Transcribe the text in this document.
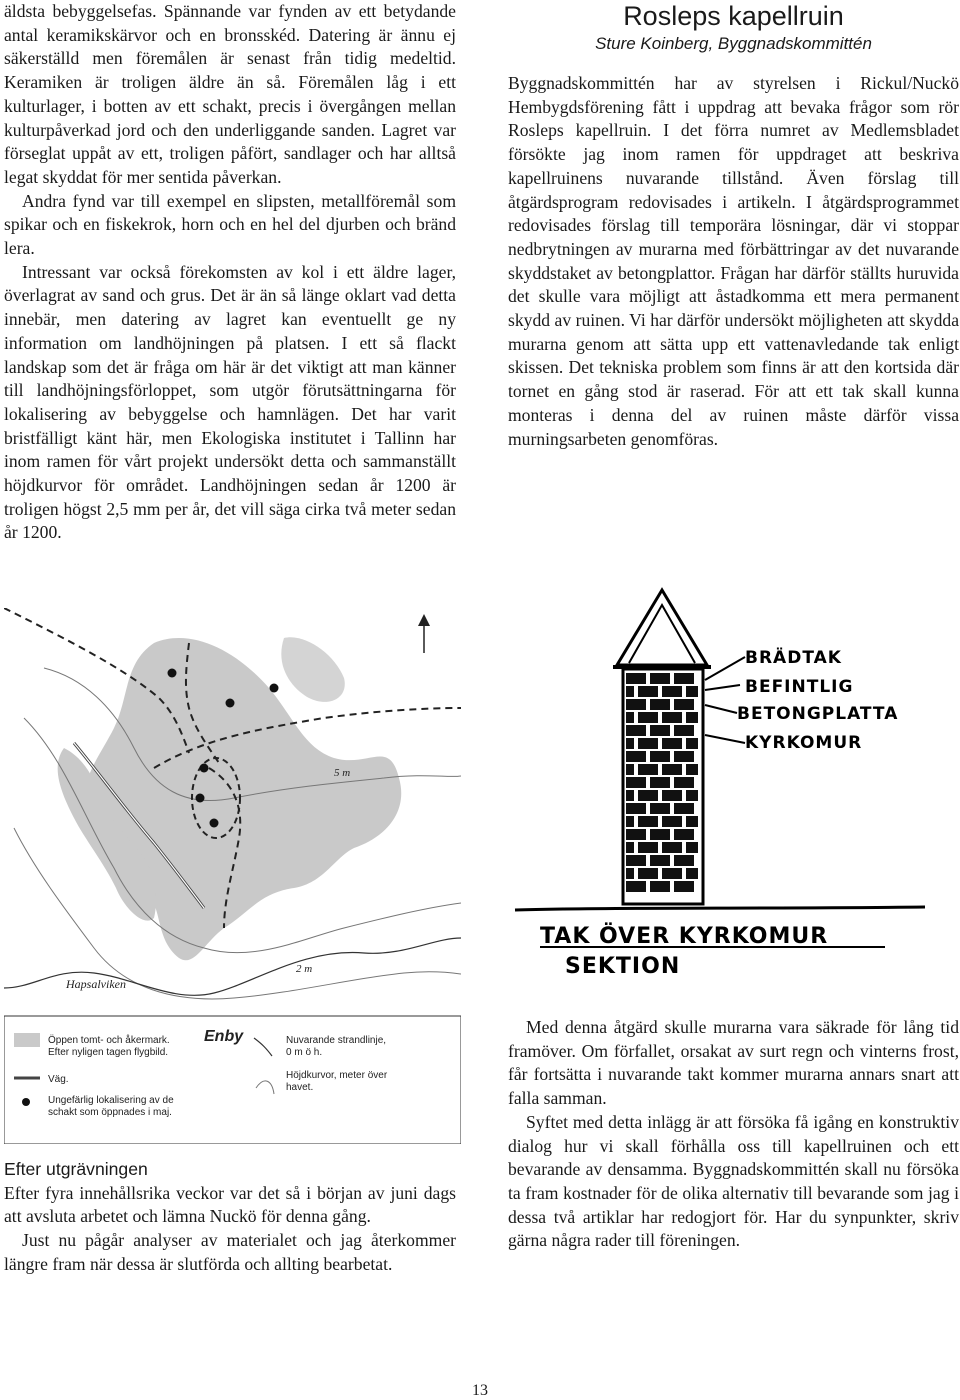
äldsta bebyggelsefas. Spännande var fynden av ett betydande antal keramikskärvor och en bronsskéd. Datering är ännu ej säkerställd men föremålen är senast från tidig medeltid. Keramiken är troligen äldre än så. Föremålen låg i ett kulturlager, i botten av ett schakt, precis i övergången mellan kulturpåverkad jord och den underliggande sanden. Lagret var förseglat uppåt av ett, troligen påfört, sandlager och har alltså legat skyddat för mer sentida påverkan.

Andra fynd var till exempel en slipsten, metallföremål som spikar och en fiskekrok, horn och en hel del djurben och bränd lera.

Intressant var också förekomsten av kol i ett äldre lager, överlagrat av sand och grus. Det är än så länge oklart vad detta innebär, men datering av lagret kan eventuellt ge ny information om landhöjningen på platsen. I ett så flackt landskap som det är fråga om här är det viktigt att man känner till landhöjningsförloppet, som utgör förutsättningarna för lokalisering av bebyggelse och hamnlägen. Det har varit bristfälligt känt här, men Ekologiska institutet i Tallinn har inom ramen för vårt projekt undersökt detta och sammanställt höjdkurvor för området. Landhöjningen sedan år 1200 är troligen högst 2,5 mm per år, det vill säga cirka två meter sedan år 1200.

Rosleps kapellruin
Sture Koinberg, Byggnadskommittén

Byggnadskommittén har av styrelsen i Rickul/Nuckö Hembygdsförening fått i uppdrag att bevaka frågor som rör Rosleps kapellruin. I det förra numret av Medlemsbladet försökte jag inom ramen för uppdraget att beskriva kapellruinens nuvarande tillstånd. Även förslag till åtgärdsprogram redovisades i artikeln. I åtgärdsprogrammet redovisades förslag till temporära lösningar, där vi stoppar nedbrytningen av murarna med förbättringar av det nuvarande skyddstaket av betongplattor. Frågan har därför ställts huruvida det skulle vara möjligt att åstadkomma ett mera permanent skydd av ruinen. Vi har därför undersökt möjligheten att skydda murarna genom att sätta upp ett vattenavledande tak enligt skissen. Det tekniska problem som finns är att den kortsida där tornet en gång stod är raserad. För att ett tak skall kunna monteras i denna del av ruinen måste därför vissa murningsarbeten genomföras.

5 m
2 m
Hapsalviken
Enby
Öppen tomt- och åkermark.
Efter nyligen tagen flygbild.
Väg.
Ungefärlig lokalisering av de
schakt som öppnades i maj.
Nuvarande strandlinje,
0 m ö h.
Höjdkurvor, meter över
havet.
BRÄDTAK
BEFINTLIG
BETONGPLATTA
KYRKOMUR
TAK ÖVER KYRKOMUR
SEKTION

Med denna åtgärd skulle murarna vara säkrade för lång tid framöver. Om förfallet, orsakat av surt regn och vinterns frost, får fortsätta i nuvarande takt kommer murarna annars snart att falla samman.

Syftet med detta inlägg är att försöka få igång en konstruktiv dialog hur vi skall förhålla oss till kapellruinen och ett bevarande av densamma. Byggnadskommittén skall nu försöka ta fram kostnader för de olika alternativ till bevarande som jag i dessa två artiklar har redogjort för. Har du synpunkter, skriv gärna några rader till föreningen.

Efter utgrävningen

Efter fyra innehållsrika veckor var det så i början av juni dags att avsluta arbetet och lämna Nuckö för denna gång.

Just nu pågår analyser av materialet och jag återkommer längre fram när dessa är slutförda och allting bearbetat.

13
